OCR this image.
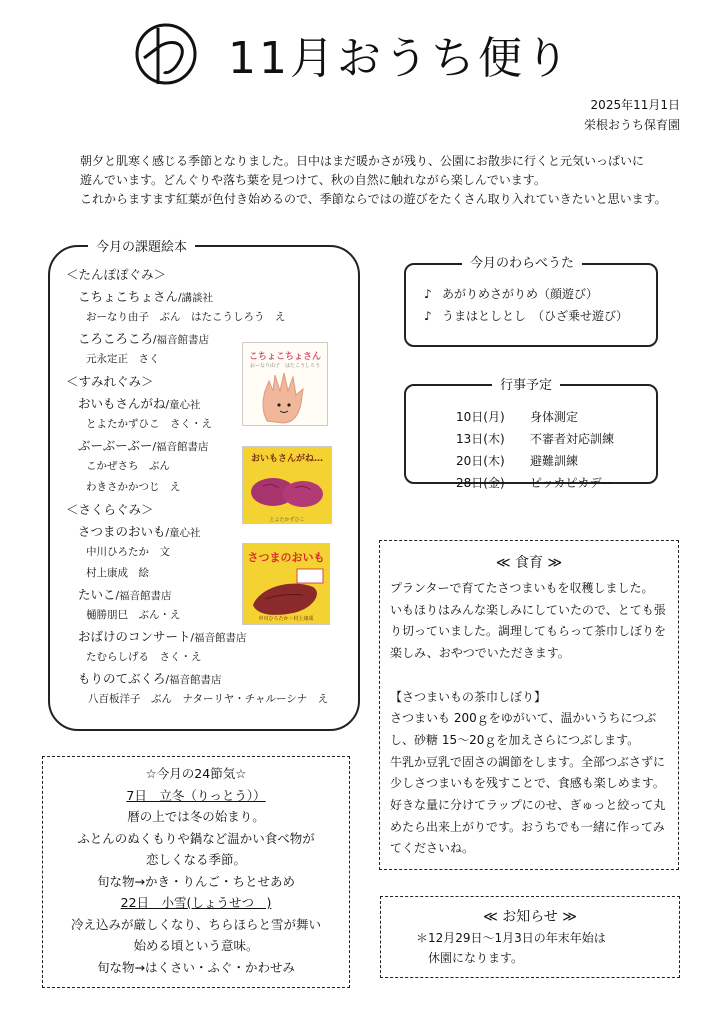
11月おうち便り
2025年11月1日
栄根おうち保育園

朝夕と肌寒く感じる季節となりました。日中はまだ暖かさが残り、公園にお散歩に行くと元気いっぱいに

遊んでいます。どんぐりや落ち葉を見つけて、秋の自然に触れながら楽しんでいます。

これからますます紅葉が色付き始めるので、季節ならではの遊びをたくさん取り入れていきたいと思います。

今月の課題絵本
＜たんぽぽぐみ＞
こちょこちょさん/講談社
おーなり由子　ぶん　はたこうしろう　え
ころころころ/福音館書店
元永定正　さく
＜すみれぐみ＞
おいもさんがね/童心社
とよたかずひこ　さく・え
ぶーぶーぶー/福音館書店
こかぜさち　ぶん
わきさかかつじ　え
＜さくらぐみ＞
さつまのおいも/童心社
中川ひろたか　文
村上康成　絵
たいこ/福音館書店
樋勝朋巳　ぶん・え
おばけのコンサート/福音館書店
たむらしげる　さく・え
もりのてぶくろ/福音館書店
八百板洋子　ぶん　ナターリヤ・チャルーシナ　え
こちょこちょさん
おーなり由子　はたこうしろう
おいもさんがね…
とよたかずひこ
さつまのおいも
中川ひろたか・村上康成
今月のわらべうた
♪ あがりめさがりめ（顔遊び）
♪ うまはとしとし　（ひざ乗せ遊び）
行事予定
10日(月) 身体測定
13日(木) 不審者対応訓練
20日(木) 避難訓練
28日(金) ピッカピカデー
≪ 食育 ≫

プランターで育てたさつまいもを収穫しました。

いもほりはみんな楽しみにしていたので、とても張

り切っていました。調理してもらって茶巾しぼりを

楽しみ、おやつでいただきます。

【さつまいもの茶巾しぼり】

さつまいも 200ｇをゆがいて、温かいうちにつぶ

し、砂糖 15～20ｇを加えさらにつぶします。

牛乳か豆乳で固さの調節をします。全部つぶさずに

少しさつまいもを残すことで、食感も楽しめます。

好きな量に分けてラップにのせ、ぎゅっと絞って丸

めたら出来上がりです。おうちでも一緒に作ってみ

てくださいね。

≪ お知らせ ≫

＊12月29日～1月3日の年末年始は

　休園になります。

☆今月の24節気☆
7日　立冬（りっとう））
暦の上では冬の始まり。
ふとんのぬくもりや鍋など温かい食べ物が
恋しくなる季節。
旬な物→かき・りんご・ちとせあめ
22日　小雪(しょうせつ　)
冷え込みが厳しくなり、ちらほらと雪が舞い
始める頃という意味。
旬な物→はくさい・ふぐ・かわせみ
